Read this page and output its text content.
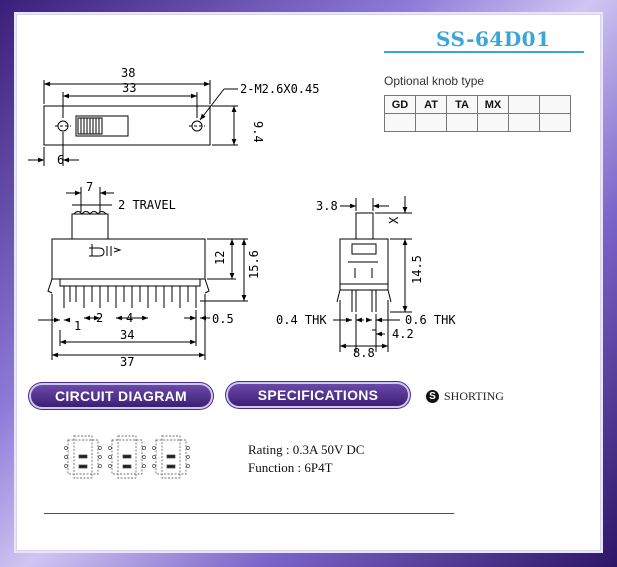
SS-64D01
Optional knob type
GD	AT	TA	MX		

38
33	2-M2.6X0.45
9.4
6
7
2 TRAVEL
12 15.6
1
2 4	0.5
34
37
3.8
X
14.5
0.4 THK	0.6 THK
4.2
8.8
CIRCUIT DIAGRAM	SPECIFICATIONS	S SHORTING
Rating : 0.3A 50V DC
Function : 6P4T
